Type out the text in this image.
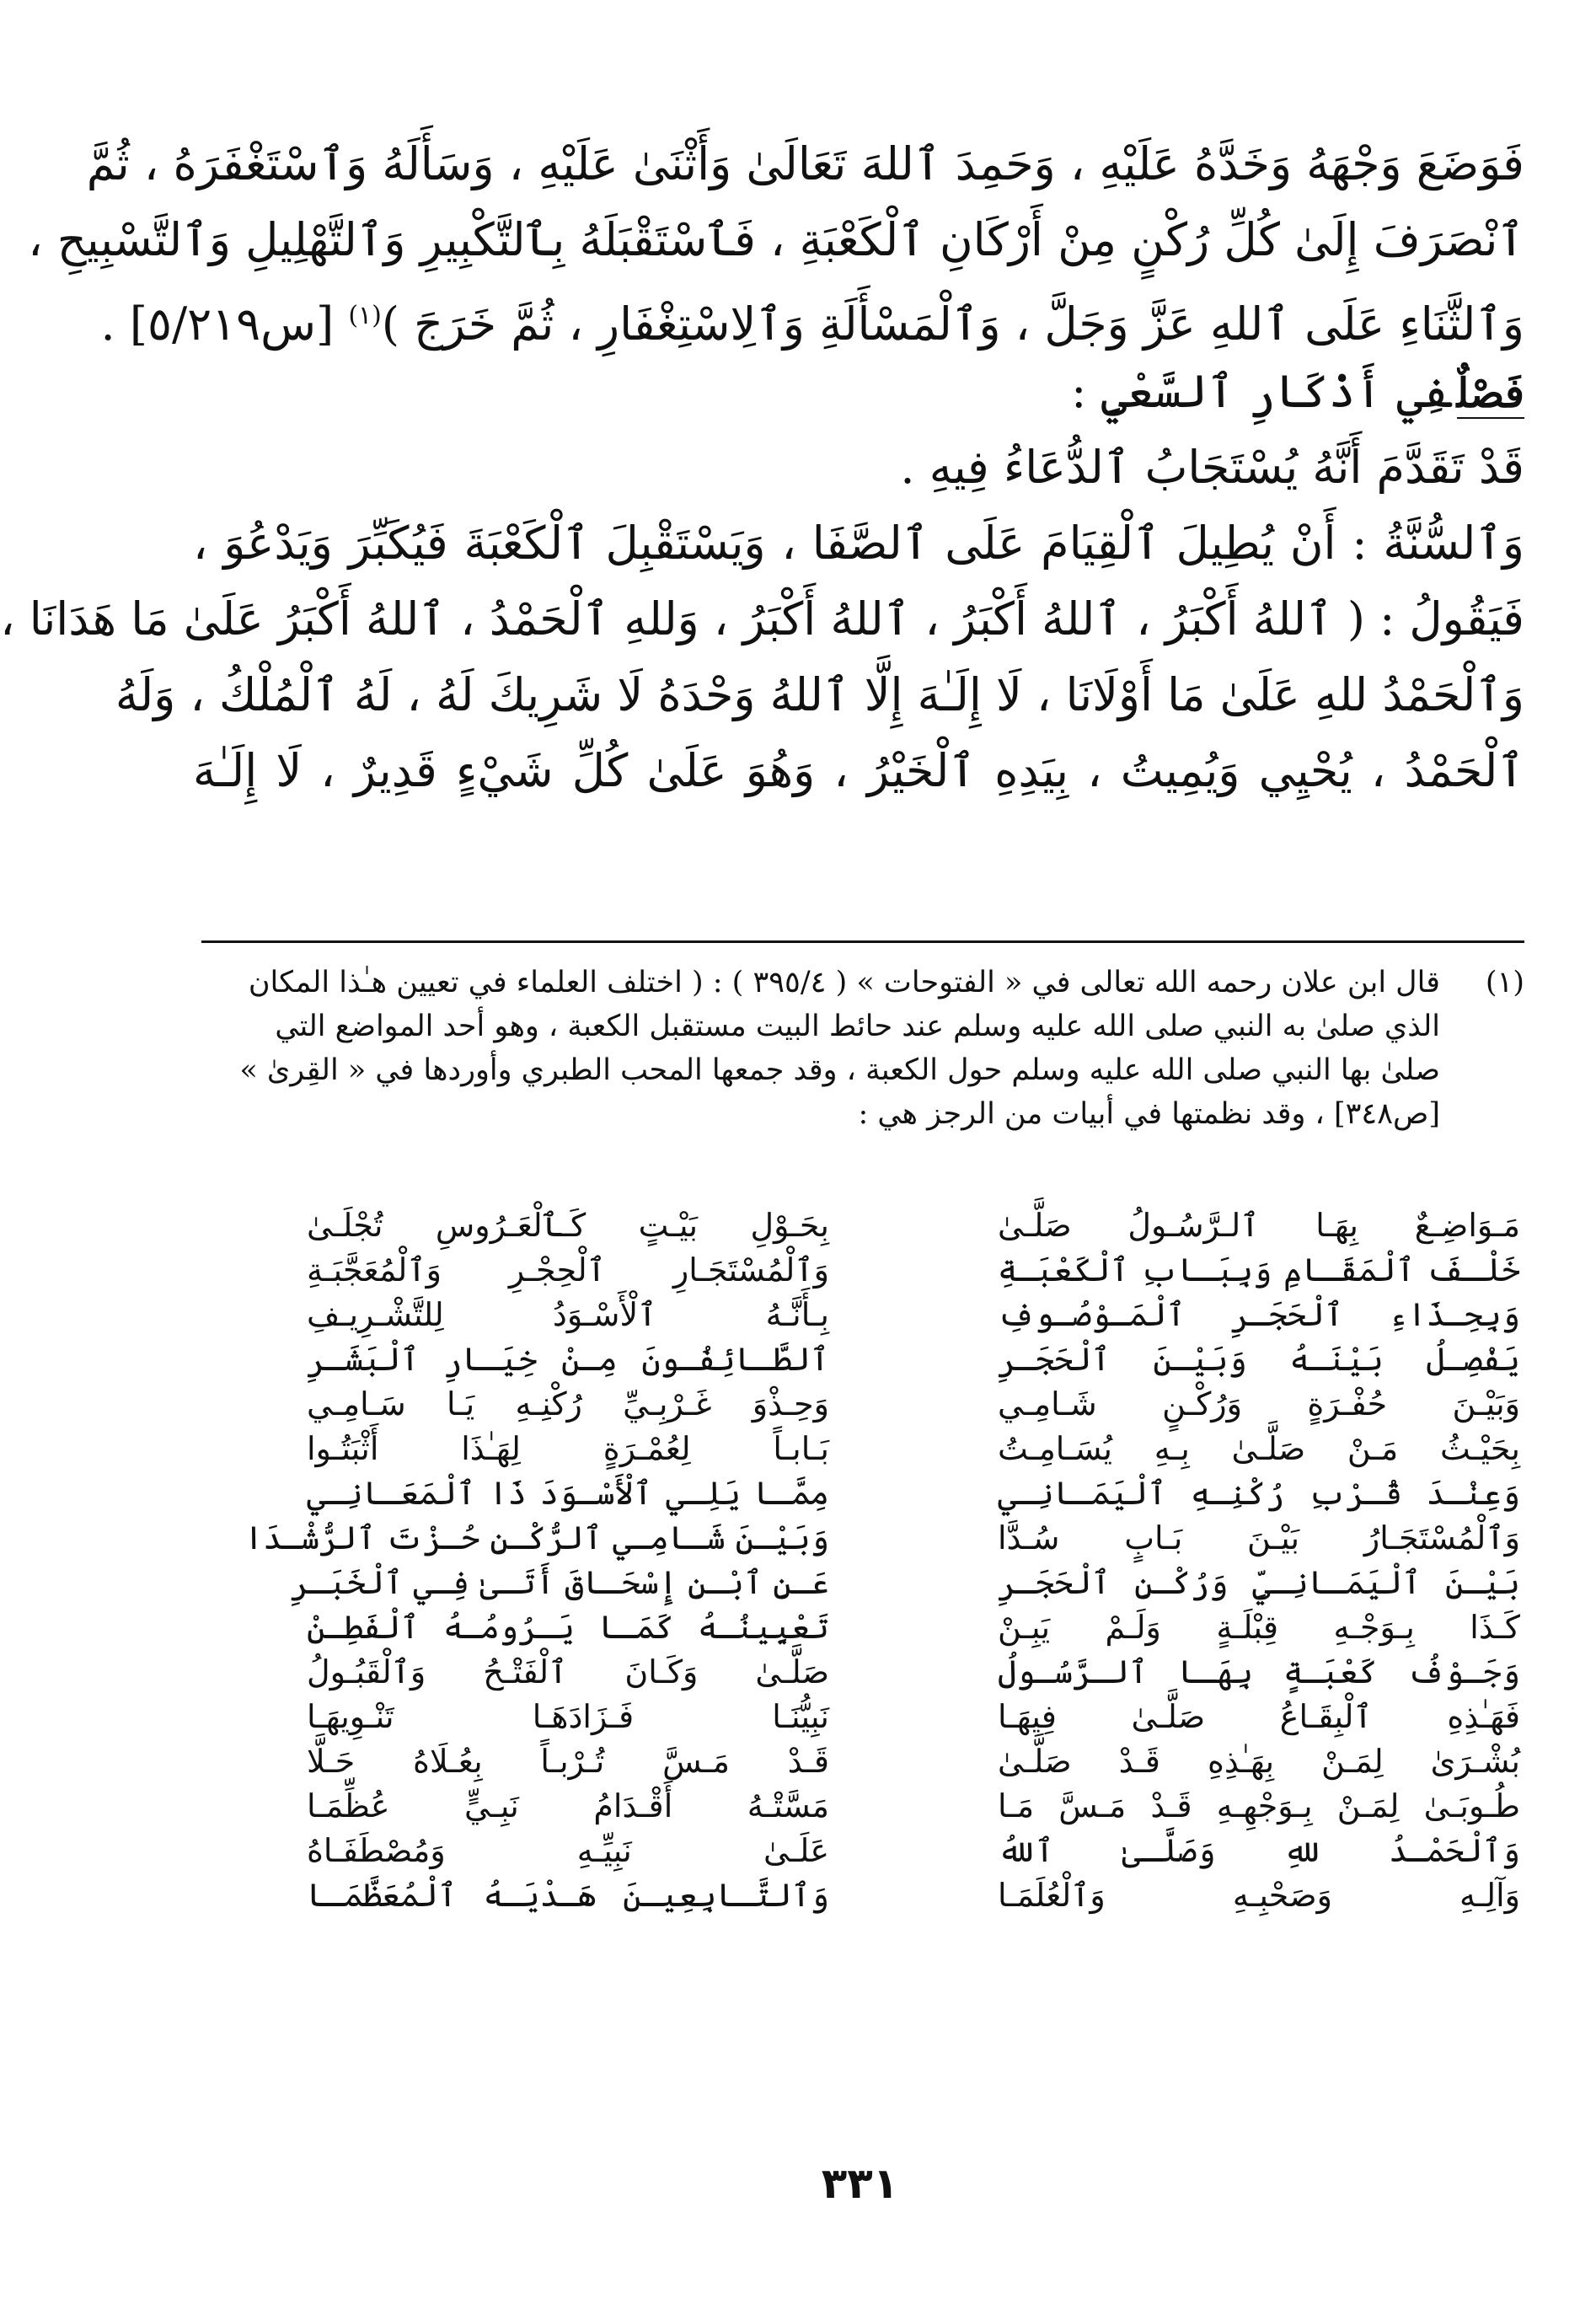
فَوَضَعَ وَجْهَهُ وَخَدَّهُ عَلَيْهِ ، وَحَمِدَ ٱللهَ تَعَالَىٰ وَأَثْنَىٰ عَلَيْهِ ، وَسَأَلَهُ وَٱسْتَغْفَرَهُ ، ثُمَّ
ٱنْصَرَفَ إِلَىٰ كُلِّ رُكْنٍ مِنْ أَرْكَانِ ٱلْكَعْبَةِ ، فَٱسْتَقْبَلَهُ بِٱلتَّكْبِيرِ وَٱلتَّهْلِيلِ وَٱلتَّسْبِيحِ ،
وَٱلثَّنَاءِ عَلَى ٱللهِ عَزَّ وَجَلَّ ، وَٱلْمَسْأَلَةِ وَٱلِاسْتِغْفَارِ ، ثُمَّ خَرَجَ )$^{(١)}$ [س٥/٢١٩] .
فَصْلٌفِي أَذْكَارِ ٱلسَّعْيِ :
قَدْ تَقَدَّمَ أَنَّهُ يُسْتَجَابُ ٱلدُّعَاءُ فِيهِ .
وَٱلسُّنَّةُ : أَنْ يُطِيلَ ٱلْقِيَامَ عَلَى ٱلصَّفَا ، وَيَسْتَقْبِلَ ٱلْكَعْبَةَ فَيُكَبِّرَ وَيَدْعُوَ ،
فَيَقُولُ : ( ٱللهُ أَكْبَرُ ، ٱللهُ أَكْبَرُ ، ٱللهُ أَكْبَرُ ، وَللهِ ٱلْحَمْدُ ، ٱللهُ أَكْبَرُ عَلَىٰ مَا هَدَانَا ،
وَٱلْحَمْدُ للهِ عَلَىٰ مَا أَوْلَانَا ، لَا إِلَـٰهَ إِلَّا ٱللهُ وَحْدَهُ لَا شَرِيكَ لَهُ ، لَهُ ٱلْمُلْكُ ، وَلَهُ
ٱلْحَمْدُ ، يُحْيِي وَيُمِيتُ ، بِيَدِهِ ٱلْخَيْرُ ، وَهُوَ عَلَىٰ كُلِّ شَيْءٍ قَدِيرٌ ، لَا إِلَـٰهَ
(١)
قال ابن علان رحمه الله تعالى في « الفتوحات » ( ٣٩٥/٤ ) : ( اختلف العلماء في تعيين هـٰذا المكان
الذي صلىٰ به النبي صلى الله عليه وسلم عند حائط البيت مستقبل الكعبة ، وهو أحد المواضع التي
صلىٰ بها النبي صلى الله عليه وسلم حول الكعبة ، وقد جمعها المحب الطبري وأوردها في « القِرىٰ »
[ص٣٤٨] ، وقد نظمتها في أبيات من الرجز هي :
مَـوَاضِـعٌ بِهَـا ٱلـرَّسُـولُ صَلَّـىٰ
بِحَـوْلِ بَيْـتٍ كَـٱلْعَـرُوسِ تُجْلَـىٰ
خَلْـفَ ٱلْمَقَـامِ وَبِبَـابِ ٱلْكَعْبَـةِ
وَٱلْمُسْتَجَـارِ ٱلْحِجْـرِ وَٱلْمُعَجَّبَـةِ
وَبِحِـذَاءِ ٱلْحَجَـرِ ٱلْمَـوْصُـوفِ
بِـأَنَّـهُ ٱلْأَسْـوَدُ لِلتَّشْـرِيـفِ
يَفْصِـلُ بَيْنَـهُ وَبَيْـنَ ٱلْحَجَـرِ
ٱلطَّـائِفُـونَ مِـنْ خِيَـارِ ٱلْبَشَـرِ
وَبَيْـنَ حُفْـرَةٍ وَرُكْـنٍ شَـامِـي
وَحِـذْوَ غَـرْبِـيِّ رُكْنِـهِ يَـا سَـامِـي
بِحَيْـثُ مَـنْ صَلَّـىٰ بِـهِ يُسَـامِـتُ
بَـابـاً لِعُمْـرَةٍ لِهَـٰذَا أَثْبَتُـوا
وَعِنْـدَ قُـرْبِ رُكْنِـهِ ٱلْيَمَـانِـي
مِمَّـا يَلِـي ٱلْأَسْـوَدَ ذَا ٱلْمَعَـانِـي
وَٱلْمُسْتَجَـارُ بَيْـنَ بَـابٍ سُـدَّا
وَبَيْـنَ شَـامِـي ٱلرُّكْـنِ حُـزْتَ ٱلرُّشْـدَا
بَيْـنَ ٱلْيَمَـانِـيِّ وَرُكْـنِ ٱلْحَجَـرِ
عَـنِ ٱبْـنِ إِسْحَـاقَ أَتَـىٰ فِـي ٱلْخَبَـرِ
كَـذَا بِـوَجْـهِ قِبْلَـةٍ وَلَـمْ يَبِـنْ
تَعْيِينُـهُ كَمَـا يَـرُومُـهُ ٱلْفَطِـنْ
وَجَـوْفُ كَعْبَـةٍ بِهَـا ٱلـرَّسُـولُ
صَلَّـىٰ وَكَـانَ ٱلْفَتْـحُ وَٱلْقَبُـولُ
فَهَـٰذِهِ ٱلْبِقَـاعُ صَلَّـىٰ فِيهَـا
نَبِيُّنَـا فَـزَادَهَـا تَنْـوِيهَـا
بُشْـرَىٰ لِمَـنْ بِهَـٰذِهِ قَـدْ صَلَّـىٰ
قَـدْ مَـسَّ تُـرْبـاً بِعُـلَاهُ حَـلَّا
طُـوبَـىٰ لِمَـنْ بِـوَجْهِـهِ قَـدْ مَـسَّ مَـا
مَسَّتْـهُ أَقْـدَامُ نَبِـيٍّ عُظِّمَـا
وَٱلْحَمْـدُ للهِ وَصَلَّـىٰ ٱللهُ
عَلَـىٰ نَبِيِّـهِ وَمُصْطَفَـاهُ
وَآلِـهِ وَصَحْبِـهِ وَٱلْعُلَمَـا
وَٱلتَّـابِعِيـنَ هَـدْيَـهُ ٱلْمُعَظَّمَـا
٣٣١
